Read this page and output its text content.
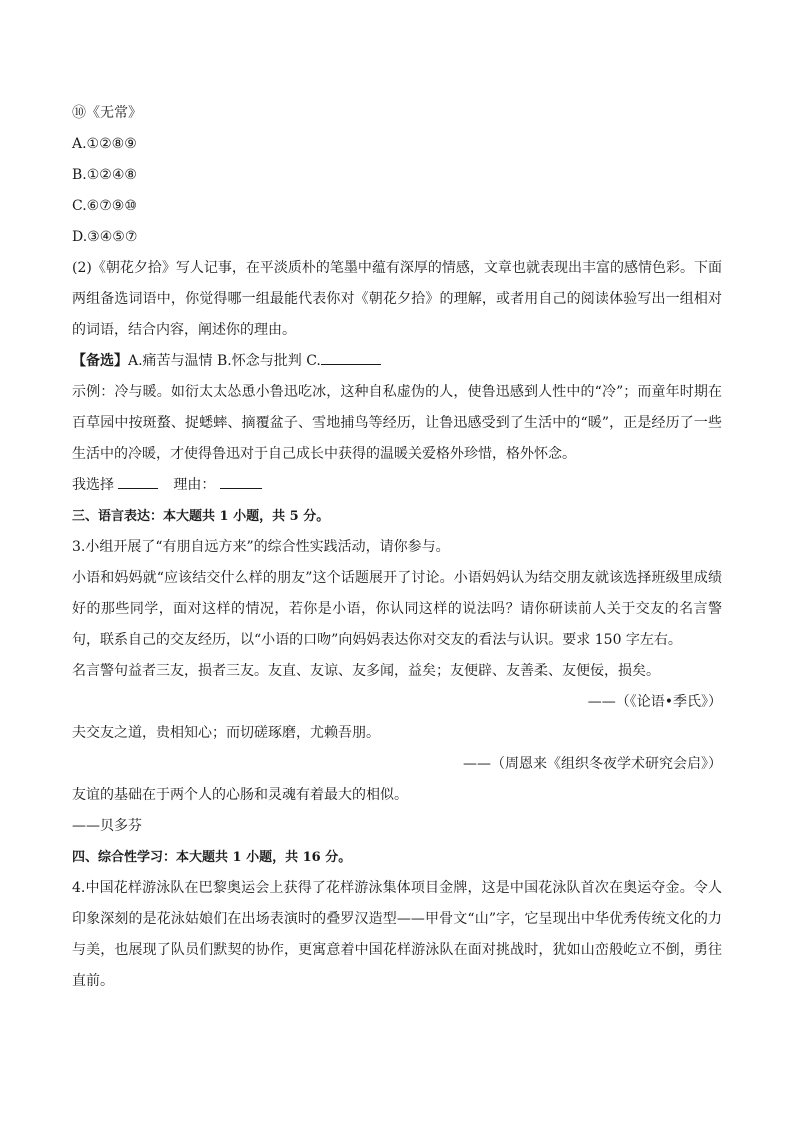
⑩《无常》

A.①②⑧⑨

B.①②④⑧

C.⑥⑦⑨⑩

D.③④⑤⑦

(2)《朝花夕拾》写人记事，在平淡质朴的笔墨中蕴有深厚的情感，文章也就表现出丰富的感情色彩。下面两组备选词语中，你觉得哪一组最能代表你对《朝花夕拾》的理解，或者用自己的阅读体验写出一组相对的词语，结合内容，阐述你的理由。

【备选】A.痛苦与温情 B.怀念与批判 C.

示例：冷与暖。如衍太太怂恿小鲁迅吃冰，这种自私虚伪的人，使鲁迅感到人性中的“冷”；而童年时期在百草园中按斑蝥、捉蟋蟀、摘覆盆子、雪地捕鸟等经历，让鲁迅感受到了生活中的“暖”，正是经历了一些生活中的冷暖，才使得鲁迅对于自己成长中获得的温暖关爱格外珍惜，格外怀念。

我选择	理由：

三、语言表达：本大题共 1 小题，共 5 分。

3.小组开展了“有朋自远方来”的综合性实践活动，请你参与。

小语和妈妈就“应该结交什么样的朋友”这个话题展开了讨论。小语妈妈认为结交朋友就该选择班级里成绩好的那些同学，面对这样的情况，若你是小语，你认同这样的说法吗？请你研读前人关于交友的名言警句，联系自己的交友经历，以“小语的口吻”向妈妈表达你对交友的看法与认识。要求 150 字左右。

名言警句益者三友，损者三友。友直、友谅、友多闻，益矣；友便辟、友善柔、友便佞，损矣。

——（《论语•季氏》）

夫交友之道，贵相知心；而切磋琢磨，尤赖吾朋。

——（周恩来《组织冬夜学术研究会启》）

友谊的基础在于两个人的心肠和灵魂有着最大的相似。

——贝多芬

四、综合性学习：本大题共 1 小题，共 16 分。

4.中国花样游泳队在巴黎奥运会上获得了花样游泳集体项目金牌，这是中国花泳队首次在奥运夺金。令人印象深刻的是花泳姑娘们在出场表演时的叠罗汉造型——甲骨文“山”字，它呈现出中华优秀传统文化的力与美，也展现了队员们默契的协作，更寓意着中国花样游泳队在面对挑战时，犹如山峦般屹立不倒，勇往直前。
